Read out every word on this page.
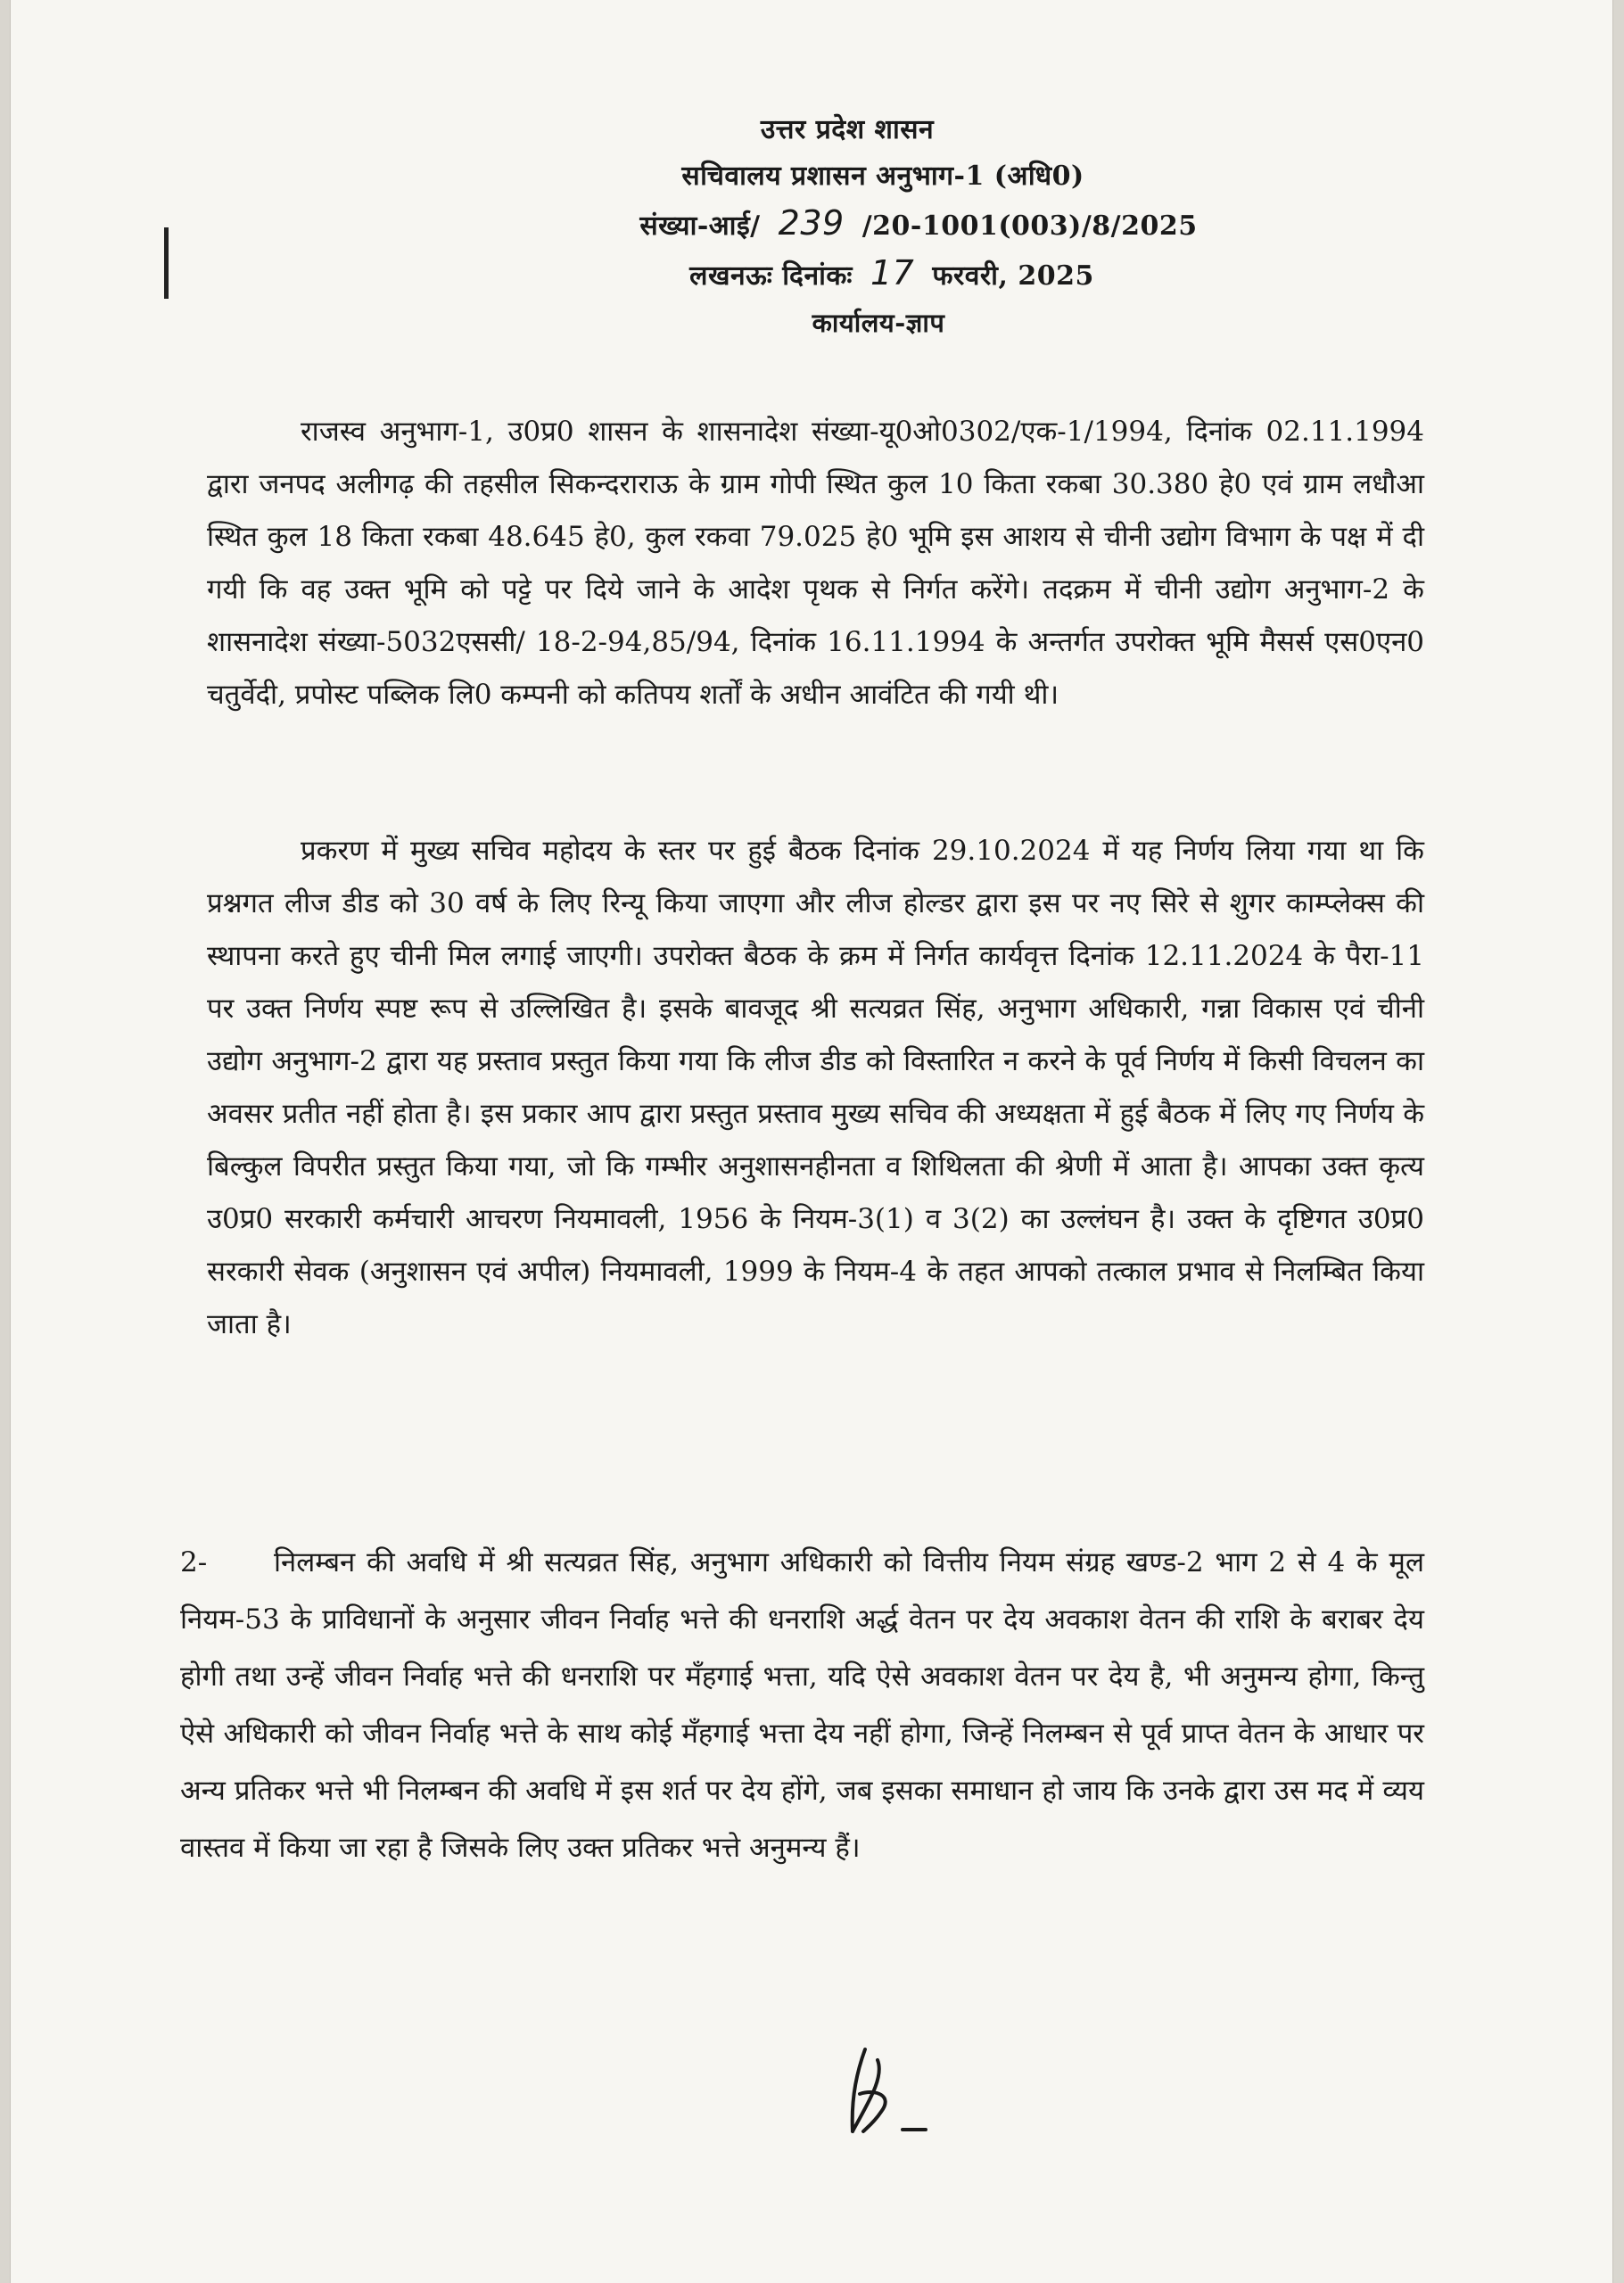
उत्तर प्रदेश शासन
सचिवालय प्रशासन अनुभाग-1 (अधि0)
संख्या-आई/ 239 /20-1001(003)/8/2025
लखनऊः दिनांकः 17 फरवरी, 2025
कार्यालय-ज्ञाप
राजस्व अनुभाग-1, उ0प्र0 शासन के शासनादेश संख्या-यू0ओ0302/एक-1/1994, दिनांक 02.11.1994 द्वारा जनपद अलीगढ़ की तहसील सिकन्दराराऊ के ग्राम गोपी स्थित कुल 10 किता रकबा 30.380 हे0 एवं ग्राम लधौआ स्थित कुल 18 किता रकबा 48.645 हे0, कुल रकवा 79.025 हे0 भूमि इस आशय से चीनी उद्योग विभाग के पक्ष में दी गयी कि वह उक्त भूमि को पट्टे पर दिये जाने के आदेश पृथक से निर्गत करेंगे। तदक्रम में चीनी उद्योग अनुभाग-2 के शासनादेश संख्या-5032एससी/ 18-2-94,85/94, दिनांक 16.11.1994 के अन्तर्गत उपरोक्त भूमि मैसर्स एस0एन0 चतुर्वेदी, प्रपोस्ट पब्लिक लि0 कम्पनी को कतिपय शर्तों के अधीन आवंटित की गयी थी।
प्रकरण में मुख्य सचिव महोदय के स्तर पर हुई बैठक दिनांक 29.10.2024 में यह निर्णय लिया गया था कि प्रश्नगत लीज डीड को 30 वर्ष के लिए रिन्यू किया जाएगा और लीज होल्डर द्वारा इस पर नए सिरे से शुगर काम्प्लेक्स की स्थापना करते हुए चीनी मिल लगाई जाएगी। उपरोक्त बैठक के क्रम में निर्गत कार्यवृत्त दिनांक 12.11.2024 के पैरा-11 पर उक्त निर्णय स्पष्ट रूप से उल्लिखित है। इसके बावजूद श्री सत्यव्रत सिंह, अनुभाग अधिकारी, गन्ना विकास एवं चीनी उद्योग अनुभाग-2 द्वारा यह प्रस्ताव प्रस्तुत किया गया कि लीज डीड को विस्तारित न करने के पूर्व निर्णय में किसी विचलन का अवसर प्रतीत नहीं होता है। इस प्रकार आप द्वारा प्रस्तुत प्रस्ताव मुख्य सचिव की अध्यक्षता में हुई बैठक में लिए गए निर्णय के बिल्कुल विपरीत प्रस्तुत किया गया, जो कि गम्भीर अनुशासनहीनता व शिथिलता की श्रेणी में आता है। आपका उक्त कृत्य उ0प्र0 सरकारी कर्मचारी आचरण नियमावली, 1956 के नियम-3(1) व 3(2) का उल्लंघन है। उक्त के दृष्टिगत उ0प्र0 सरकारी सेवक (अनुशासन एवं अपील) नियमावली, 1999 के नियम-4 के तहत आपको तत्काल प्रभाव से निलम्बित किया जाता है।
2- निलम्बन की अवधि में श्री सत्यव्रत सिंह, अनुभाग अधिकारी को वित्तीय नियम संग्रह खण्ड-2 भाग 2 से 4 के मूल नियम-53 के प्राविधानों के अनुसार जीवन निर्वाह भत्ते की धनराशि अर्द्ध वेतन पर देय अवकाश वेतन की राशि के बराबर देय होगी तथा उन्हें जीवन निर्वाह भत्ते की धनराशि पर मँहगाई भत्ता, यदि ऐसे अवकाश वेतन पर देय है, भी अनुमन्य होगा, किन्तु ऐसे अधिकारी को जीवन निर्वाह भत्ते के साथ कोई मँहगाई भत्ता देय नहीं होगा, जिन्हें निलम्बन से पूर्व प्राप्त वेतन के आधार पर अन्य प्रतिकर भत्ते भी निलम्बन की अवधि में इस शर्त पर देय होंगे, जब इसका समाधान हो जाय कि उनके द्वारा उस मद में व्यय वास्तव में किया जा रहा है जिसके लिए उक्त प्रतिकर भत्ते अनुमन्य हैं।
